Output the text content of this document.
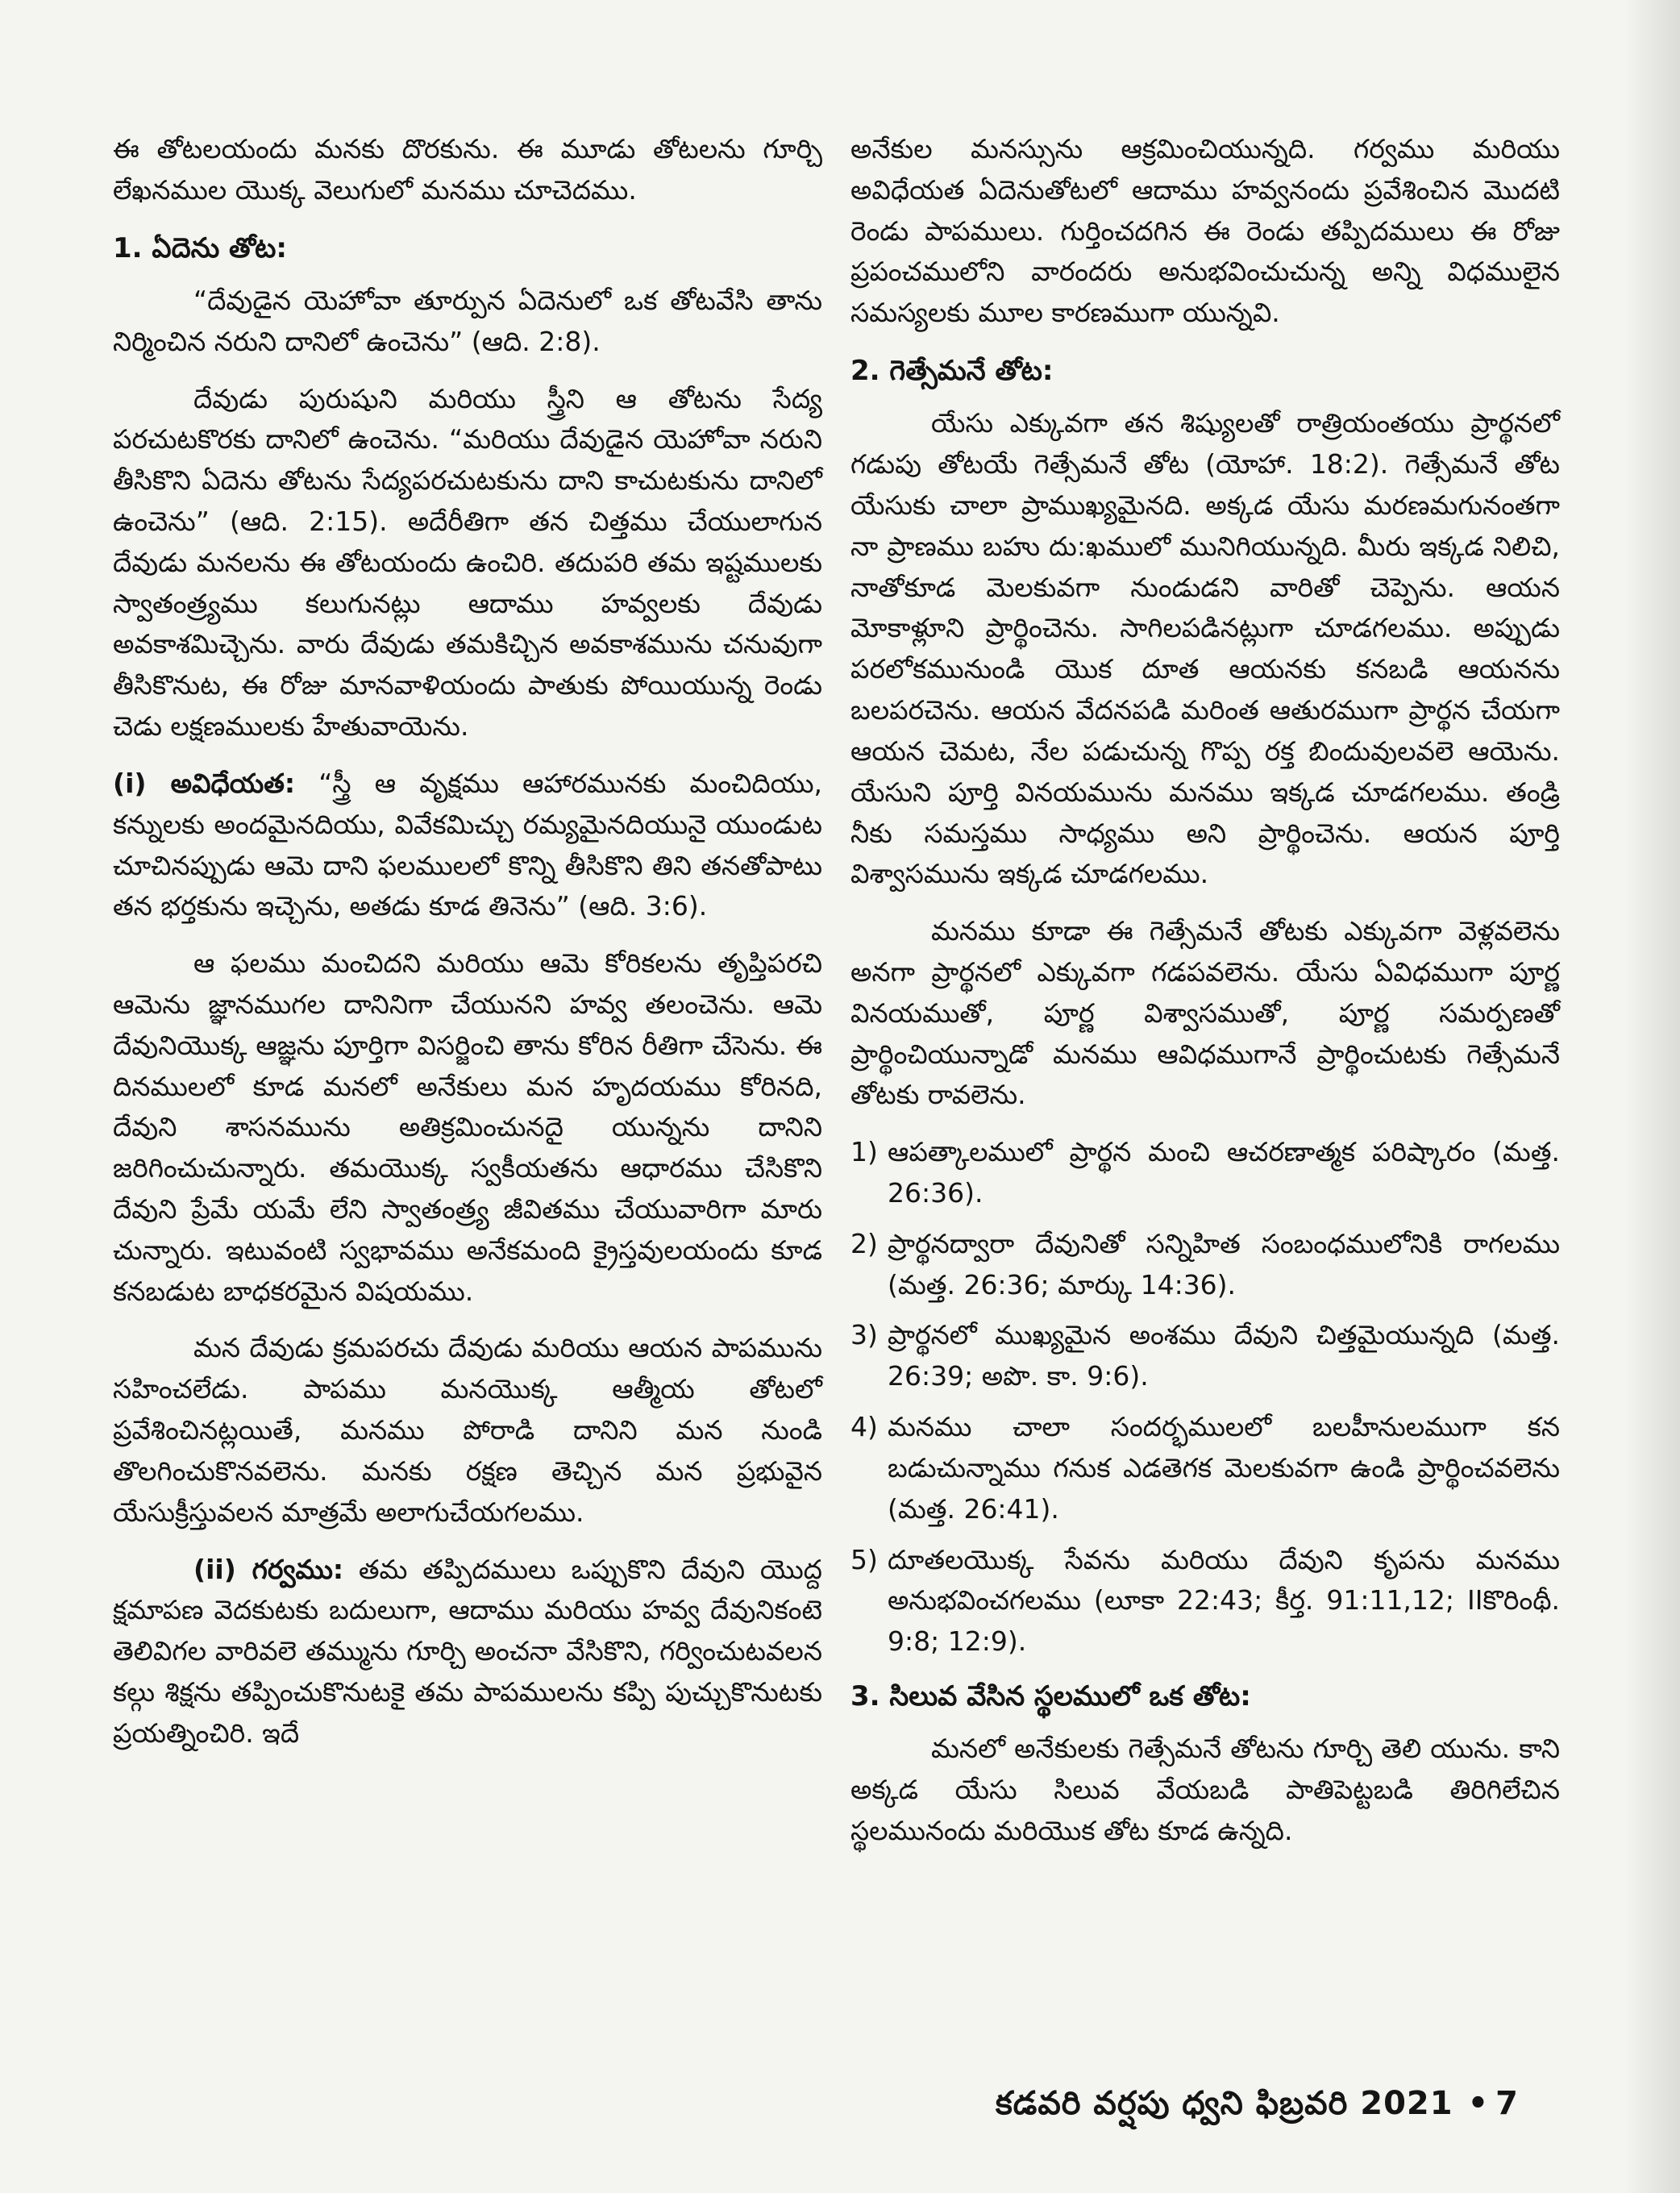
ఈ తోటలయందు మనకు దొరకును. ఈ మూడు తోటలను గూర్చి లేఖనముల యొక్క వెలుగులో మనము చూచెదము.

1. ఏదెను తోట:

“దేవుడైన యెహోవా తూర్పున ఏదెనులో ఒక తోటవేసి తాను నిర్మించిన నరుని దానిలో ఉంచెను” (ఆది. 2:8).

దేవుడు పురుషుని మరియు స్త్రీని ఆ తోటను సేద్య పరచుటకొరకు దానిలో ఉంచెను. “మరియు దేవుడైన యెహోవా నరుని తీసికొని ఏదెను తోటను సేద్యపరచుటకును దాని కాచుటకును దానిలో ఉంచెను” (ఆది. 2:15). అదేరీతిగా తన చిత్తము చేయులాగున దేవుడు మనలను ఈ తోటయందు ఉంచిరి. తదుపరి తమ ఇష్టములకు స్వాతంత్ర్యము కలుగునట్లు ఆదాము హవ్వలకు దేవుడు అవకాశమిచ్చెను. వారు దేవుడు తమకిచ్చిన అవకాశమును చనువుగా తీసికొనుట, ఈ రోజు మానవాళియందు పాతుకు పోయియున్న రెండు చెడు లక్షణములకు హేతువాయెను.

(i) అవిధేయత: “స్త్రీ ఆ వృక్షము ఆహారమునకు మంచిదియు, కన్నులకు అందమైనదియు, వివేకమిచ్చు రమ్యమైనదియునై యుండుట చూచినప్పుడు ఆమె దాని ఫలములలో కొన్ని తీసికొని తిని తనతోపాటు తన భర్తకును ఇచ్చెను, అతడు కూడ తినెను” (ఆది. 3:6).

ఆ ఫలము మంచిదని మరియు ఆమె కోరికలను తృప్తిపరచి ఆమెను జ్ఞానముగల దానినిగా చేయునని హవ్వ తలంచెను. ఆమె దేవునియొక్క ఆజ్ఞను పూర్తిగా విసర్జించి తాను కోరిన రీతిగా చేసెను. ఈ దినములలో కూడ మనలో అనేకులు మన హృదయము కోరినది, దేవుని శాసనమును అతిక్రమించునదై యున్నను దానిని జరిగించుచున్నారు. తమయొక్క స్వకీయతను ఆధారము చేసికొని దేవుని ప్రేమే యమే లేని స్వాతంత్ర్య జీవితము చేయువారిగా మారు చున్నారు. ఇటువంటి స్వభావము అనేకమంది క్రైస్తవులయందు కూడ కనబడుట బాధకరమైన విషయము.

మన దేవుడు క్రమపరచు దేవుడు మరియు ఆయన పాపమును సహించలేడు. పాపము మనయొక్క ఆత్మీయ తోటలో ప్రవేశించినట్లయితే, మనము పోరాడి దానిని మన నుండి తొలగించుకొనవలెను. మనకు రక్షణ తెచ్చిన మన ప్రభువైన యేసుక్రీస్తువలన మాత్రమే అలాగుచేయగలము.

(ii) గర్వము: తమ తప్పిదములు ఒప్పుకొని దేవుని యొద్ద క్షమాపణ వెదకుటకు బదులుగా, ఆదాము మరియు హవ్వ దేవునికంటె తెలివిగల వారివలె తమ్మును గూర్చి అంచనా వేసికొని, గర్వించుటవలన కల్గు శిక్షను తప్పించుకొనుటకై తమ పాపములను కప్పి పుచ్చుకొనుటకు ప్రయత్నించిరి. ఇదే

అనేకుల మనస్సును ఆక్రమించియున్నది. గర్వము మరియు అవిధేయత ఏదెనుతోటలో ఆదాము హవ్వనందు ప్రవేశించిన మొదటి రెండు పాపములు. గుర్తించదగిన ఈ రెండు తప్పిదములు ఈ రోజు ప్రపంచములోని వారందరు అనుభవించుచున్న అన్ని విధములైన సమస్యలకు మూల కారణముగా యున్నవి.

2. గెత్సేమనే తోట:

యేసు ఎక్కువగా తన శిష్యులతో రాత్రియంతయు ప్రార్థనలో గడుపు తోటయే గెత్సేమనే తోట (యోహా. 18:2). గెత్సేమనే తోట యేసుకు చాలా ప్రాముఖ్యమైనది. అక్కడ యేసు మరణమగునంతగా నా ప్రాణము బహు దు:ఖములో మునిగియున్నది. మీరు ఇక్కడ నిలిచి, నాతోకూడ మెలకువగా నుండుడని వారితో చెప్పెను. ఆయన మోకాళ్లూని ప్రార్థించెను. సాగిలపడినట్లుగా చూడగలము. అప్పుడు పరలోకమునుండి యొక దూత ఆయనకు కనబడి ఆయనను బలపరచెను. ఆయన వేదనపడి మరింత ఆతురముగా ప్రార్థన చేయగా ఆయన చెమట, నేల పడుచున్న గొప్ప రక్త బిందువులవలె ఆయెను. యేసుని పూర్తి వినయమును మనము ఇక్కడ చూడగలము. తండ్రి నీకు సమస్తము సాధ్యము అని ప్రార్థించెను. ఆయన పూర్తి విశ్వాసమును ఇక్కడ చూడగలము.

మనము కూడా ఈ గెత్సేమనే తోటకు ఎక్కువగా వెళ్లవలెను అనగా ప్రార్థనలో ఎక్కువగా గడపవలెను. యేసు ఏవిధముగా పూర్ణ వినయముతో, పూర్ణ విశ్వాసముతో, పూర్ణ సమర్పణతో ప్రార్థించియున్నాడో మనము ఆవిధముగానే ప్రార్థించుటకు గెత్సేమనే తోటకు రావలెను.

1) ఆపత్కాలములో ప్రార్థన మంచి ఆచరణాత్మక పరిష్కారం (మత్త. 26:36).
2) ప్రార్థనద్వారా దేవునితో సన్నిహిత సంబంధములోనికి రాగలము (మత్త. 26:36; మార్కు 14:36).
3) ప్రార్థనలో ముఖ్యమైన అంశము దేవుని చిత్తమైయున్నది (మత్త. 26:39; అపొ. కా. 9:6).
4) మనము చాలా సందర్భములలో బలహీనులముగా కన బడుచున్నాము గనుక ఎడతెగక మెలకువగా ఉండి ప్రార్థించవలెను (మత్త. 26:41).
5) దూతలయొక్క సేవను మరియు దేవుని కృపను మనము అనుభవించగలము (లూకా 22:43; కీర్త. 91:11,12; IIకొరింథీ. 9:8; 12:9).
3. సిలువ వేసిన స్థలములో ఒక తోట:

మనలో అనేకులకు గెత్సేమనే తోటను గూర్చి తెలి యును. కాని అక్కడ యేసు సిలువ వేయబడి పాతిపెట్టబడి తిరిగిలేచిన స్థలమునందు మరియొక తోట కూడ ఉన్నది.

కడవరి వర్షపు ధ్వని ఫిబ్రవరి 2021 • 7
